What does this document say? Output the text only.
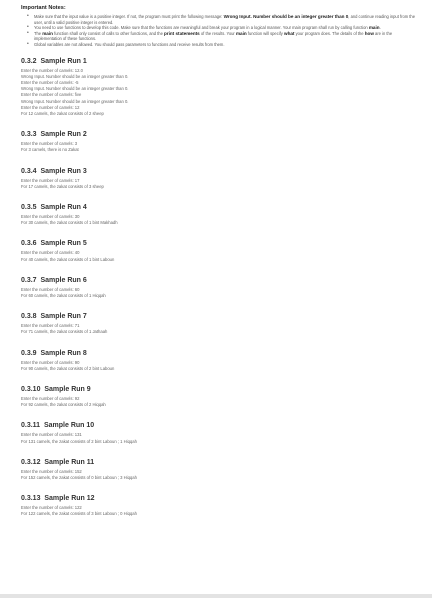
Important Notes:
• Make sure that the input value is a positive integer. If not, the program must print the following message: Wrong Input. Number should be an integer greater than 0, and continue reading input from the user, until a valid positive integer is entered.
• You need to use functions to develop this code. Make sure that the functions are meaningful and break your program in a logical manner. Your main program shall run by calling function main.
• The main function shall only consist of calls to other functions, and the print statements of the results. Your main function will specify what your program does. The details of the how are in the implementation of these functions.
• Global variables are not allowed. You should pass parameters to functions and receive results from them.
0.3.2 Sample Run 1
Enter the number of camels: 12.0
Wrong Input. Number should be an integer greater than 0.
Enter the number of camels: -5
Wrong Input. Number should be an integer greater than 0.
Enter the number of camels: five
Wrong Input. Number should be an integer greater than 0.
Enter the number of camels: 12
For 12 camels, the zakat consists of 2 sheep
0.3.3 Sample Run 2
Enter the number of camels: 3
For 3 camels, there is no Zakat
0.3.4 Sample Run 3
Enter the number of camels: 17
For 17 camels, the zakat consists of 3 sheep
0.3.5 Sample Run 4
Enter the number of camels: 30
For 30 camels, the zakat consists of 1 bint Makhadh
0.3.6 Sample Run 5
Enter the number of camels: 40
For 40 camels, the zakat consists of 1 bint Laboun
0.3.7 Sample Run 6
Enter the number of camels: 60
For 60 camels, the zakat consists of 1 Hiqqah
0.3.8 Sample Run 7
Enter the number of camels: 71
For 71 camels, the zakat consists of 1 Jathaah
0.3.9 Sample Run 8
Enter the number of camels: 90
For 90 camels, the zakat consists of 2 bint Laboun
0.3.10 Sample Run 9
Enter the number of camels: 92
For 92 camels, the zakat consists of 2 Hiqqah
0.3.11 Sample Run 10
Enter the number of camels: 131
For 131 camels, the zakat consists of 2 bint Laboun ; 1 Hiqqah
0.3.12 Sample Run 11
Enter the number of camels: 152
For 152 camels, the zakat consists of 0 bint Laboun ; 3 Hiqqah
0.3.13 Sample Run 12
Enter the number of camels: 122
For 122 camels, the zakat consists of 3 bint Laboun ; 0 Hiqqah
